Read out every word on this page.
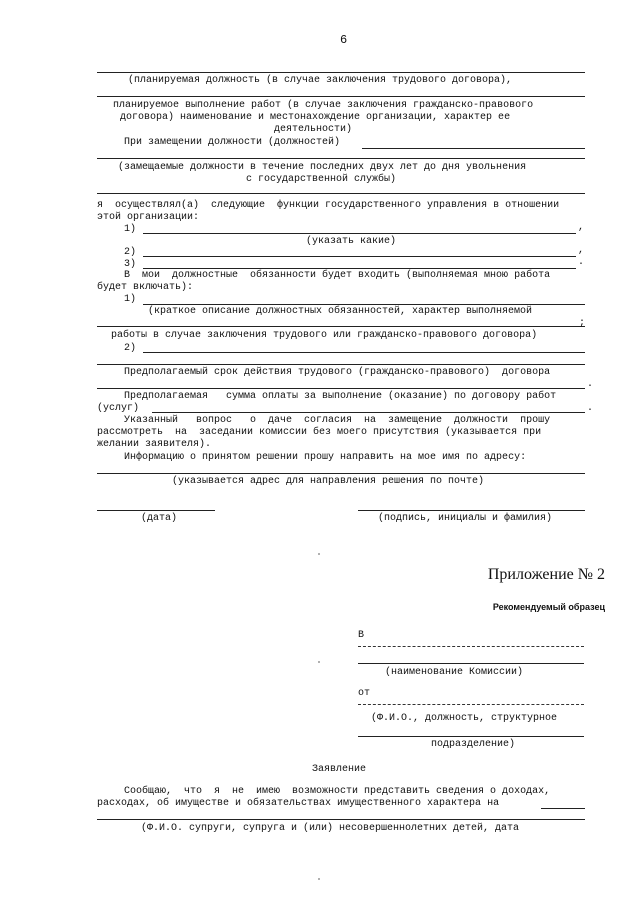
6
(планируемая должность (в случае заключения трудового договора),
планируемое выполнение работ (в случае заключения гражданско-правового
договора) наименование и местонахождение организации, характер ее
деятельности)
При замещении должности (должностей)
(замещаемые должности в течение последних двух лет до дня увольнения
с государственной службы)
я  осуществлял(а)  следующие  функции государственного управления в отношении
этой организации:
1)	,
(указать какие)
2)	,
3)	.
В  мои  должностные  обязанности будет входить (выполняемая мною работа
будет включать):
1)
(краткое описание должностных обязанностей, характер выполняемой
;
работы в случае заключения трудового или гражданско-правового договора)
2)
Предполагаемый срок действия трудового (гражданско-правового)  договора
.
Предполагаемая   сумма оплаты за выполнение (оказание) по договору работ
(услуг)	.
Указанный   вопрос   о  даче  согласия  на  замещение  должности  прошу
рассмотреть  на  заседании комиссии без моего присутствия (указывается при
желании заявителя).
Информацию о принятом решении прошу направить на мое имя по адресу:
(указывается адрес для направления решения по почте)
(дата)	(подпись, инициалы и фамилия)
Приложение № 2
Рекомендуемый образец
В
(наименование Комиссии)
от
(Ф.И.О., должность, структурное
подразделение)
Заявление
Сообщаю,  что  я  не  имею  возможности представить сведения о доходах,
расходах, об имуществе и обязательствах имущественного характера на
(Ф.И.О. супруги, супруга и (или) несовершеннолетних детей, дата
